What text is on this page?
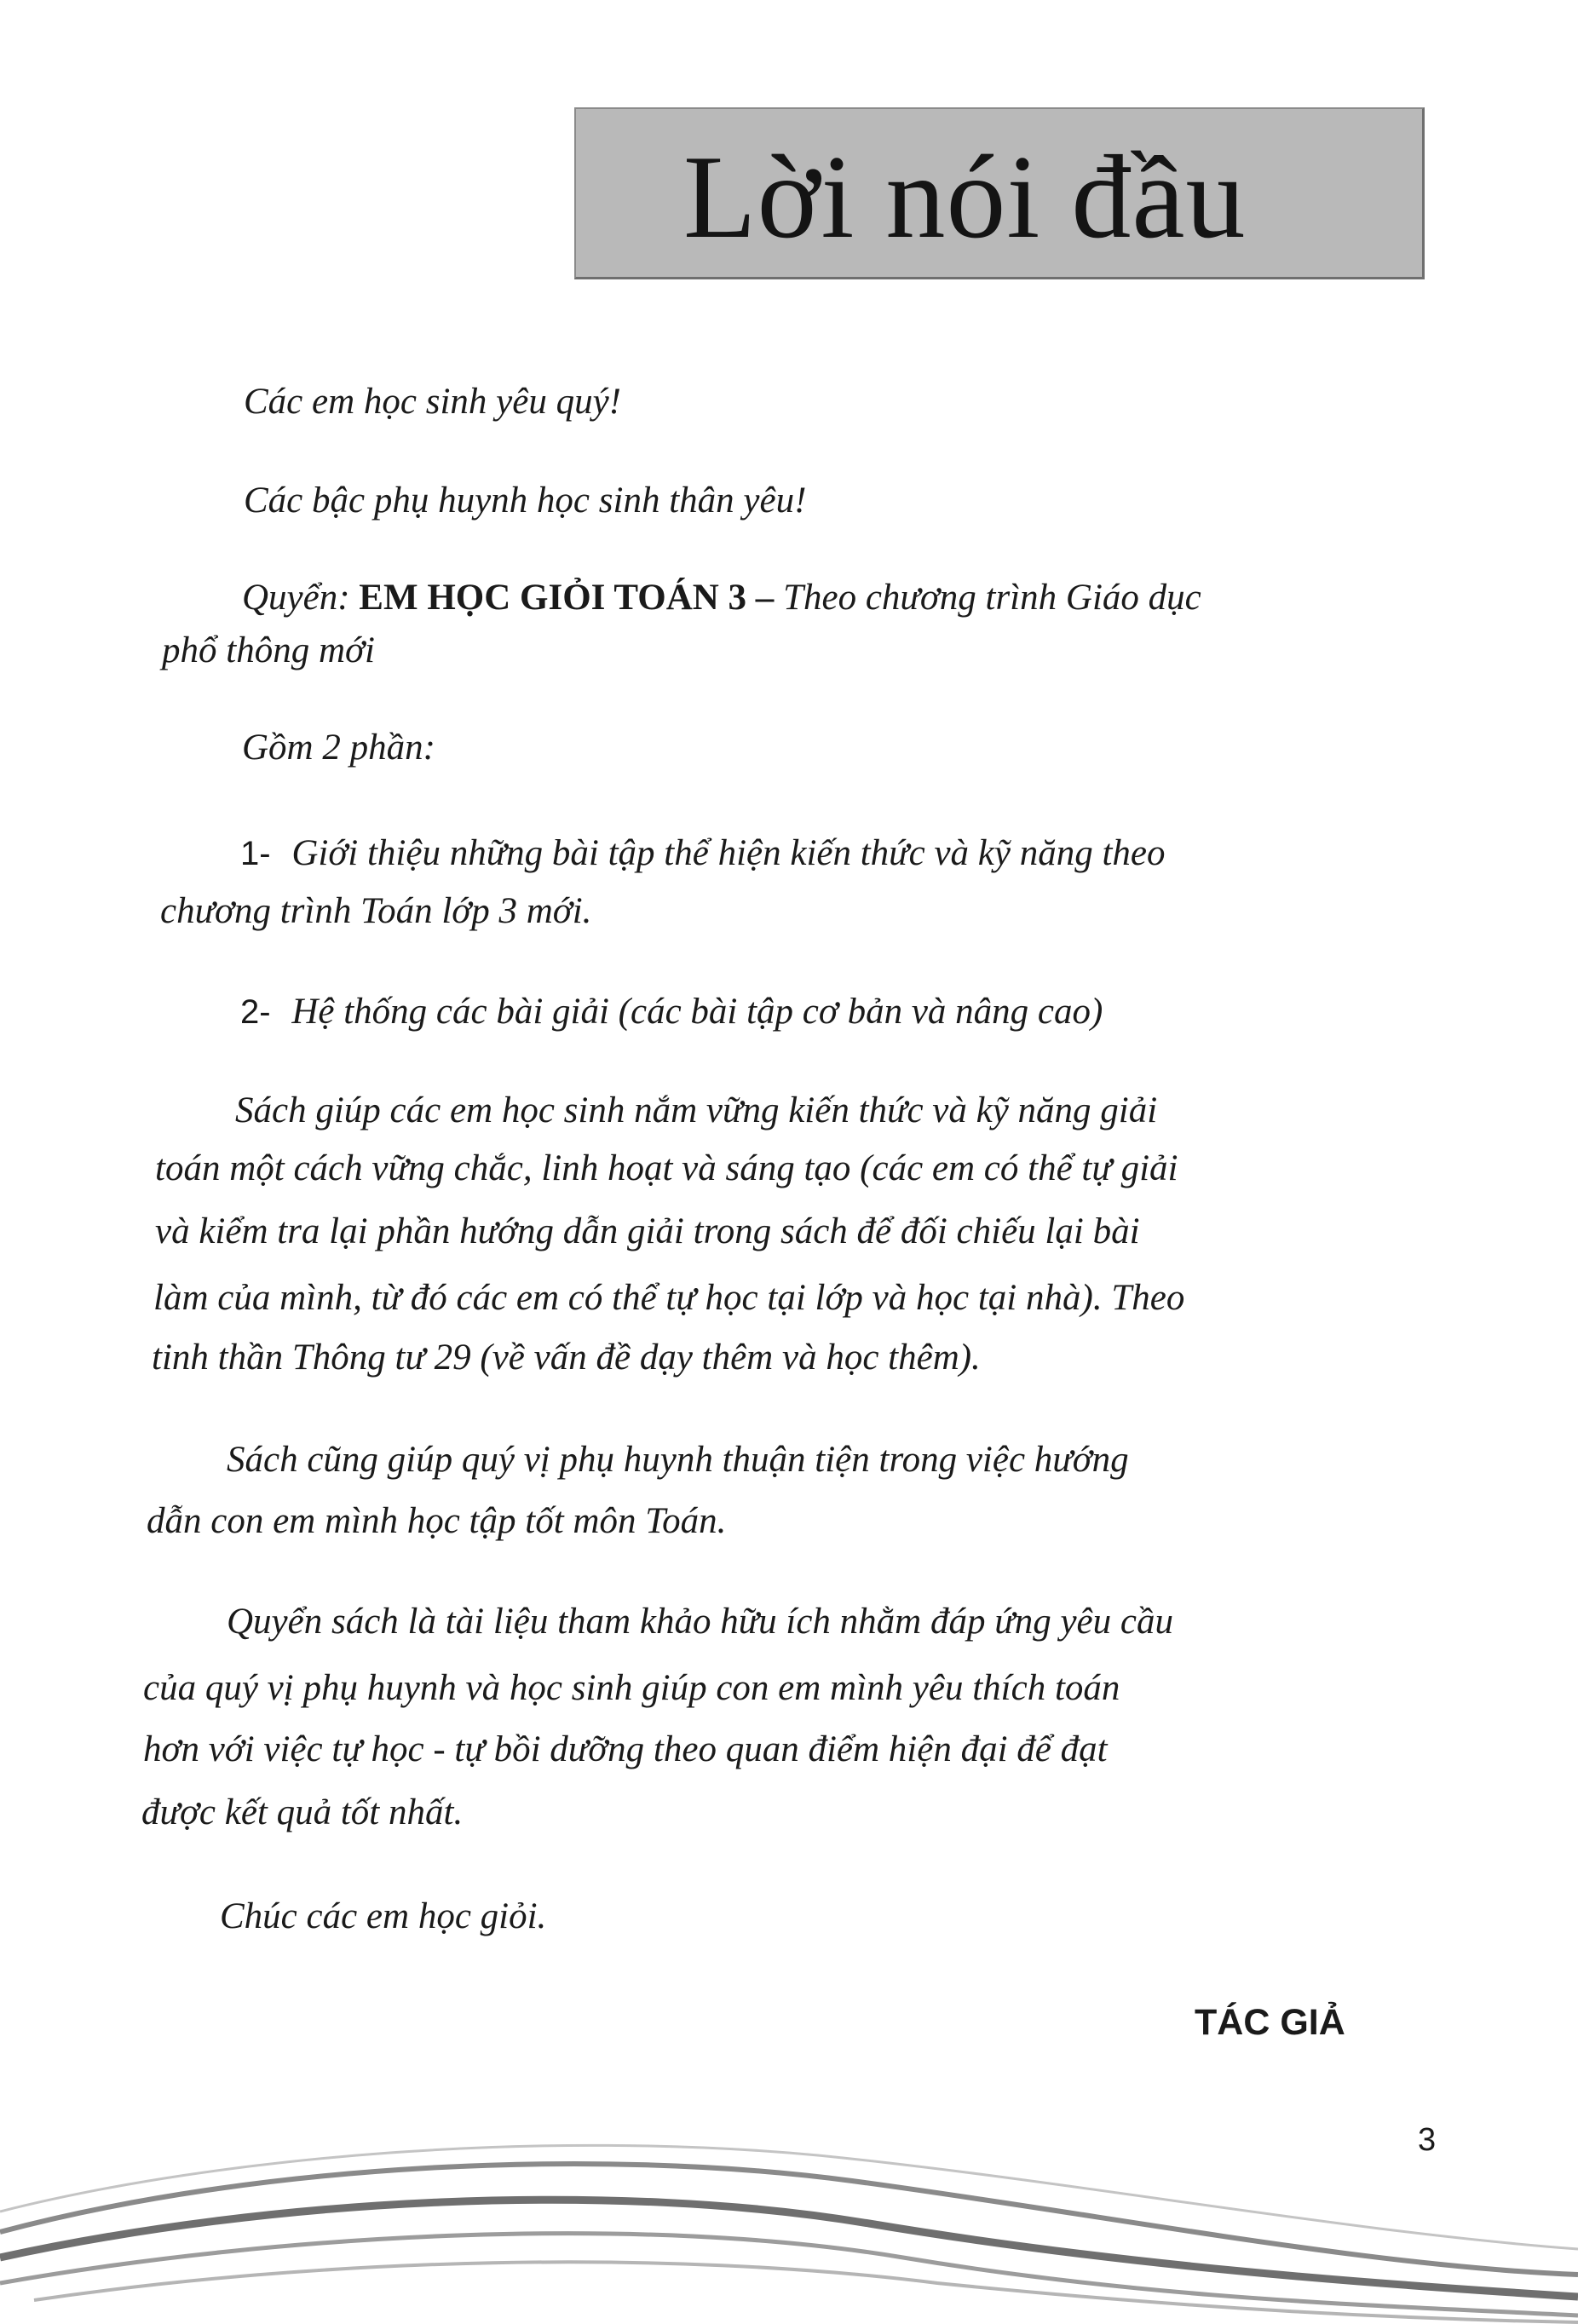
Lời nói đầu
Các em học sinh yêu quý!
Các bậc phụ huynh học sinh thân yêu!
Quyển: EM HỌC GIỎI TOÁN 3 – Theo chương trình Giáo dục
phổ thông mới
Gồm 2 phần:
1- Giới thiệu những bài tập thể hiện kiến thức và kỹ năng theo
chương trình Toán lớp 3 mới.
2- Hệ thống các bài giải (các bài tập cơ bản và nâng cao)
Sách giúp các em học sinh nắm vững kiến thức và kỹ năng giải
toán một cách vững chắc, linh hoạt và sáng tạo (các em có thể tự giải
và kiểm tra lại phần hướng dẫn giải trong sách để đối chiếu lại bài
làm của mình, từ đó các em có thể tự học tại lớp và học tại nhà). Theo
tinh thần Thông tư 29 (về vấn đề dạy thêm và học thêm).
Sách cũng giúp quý vị phụ huynh thuận tiện trong việc hướng
dẫn con em mình học tập tốt môn Toán.
Quyển sách là tài liệu tham khảo hữu ích nhằm đáp ứng yêu cầu
của quý vị phụ huynh và học sinh giúp con em mình yêu thích toán
hơn với việc tự học - tự bồi dưỡng theo quan điểm hiện đại để đạt
được kết quả tốt nhất.
Chúc các em học giỏi.
TÁC GIẢ
3
